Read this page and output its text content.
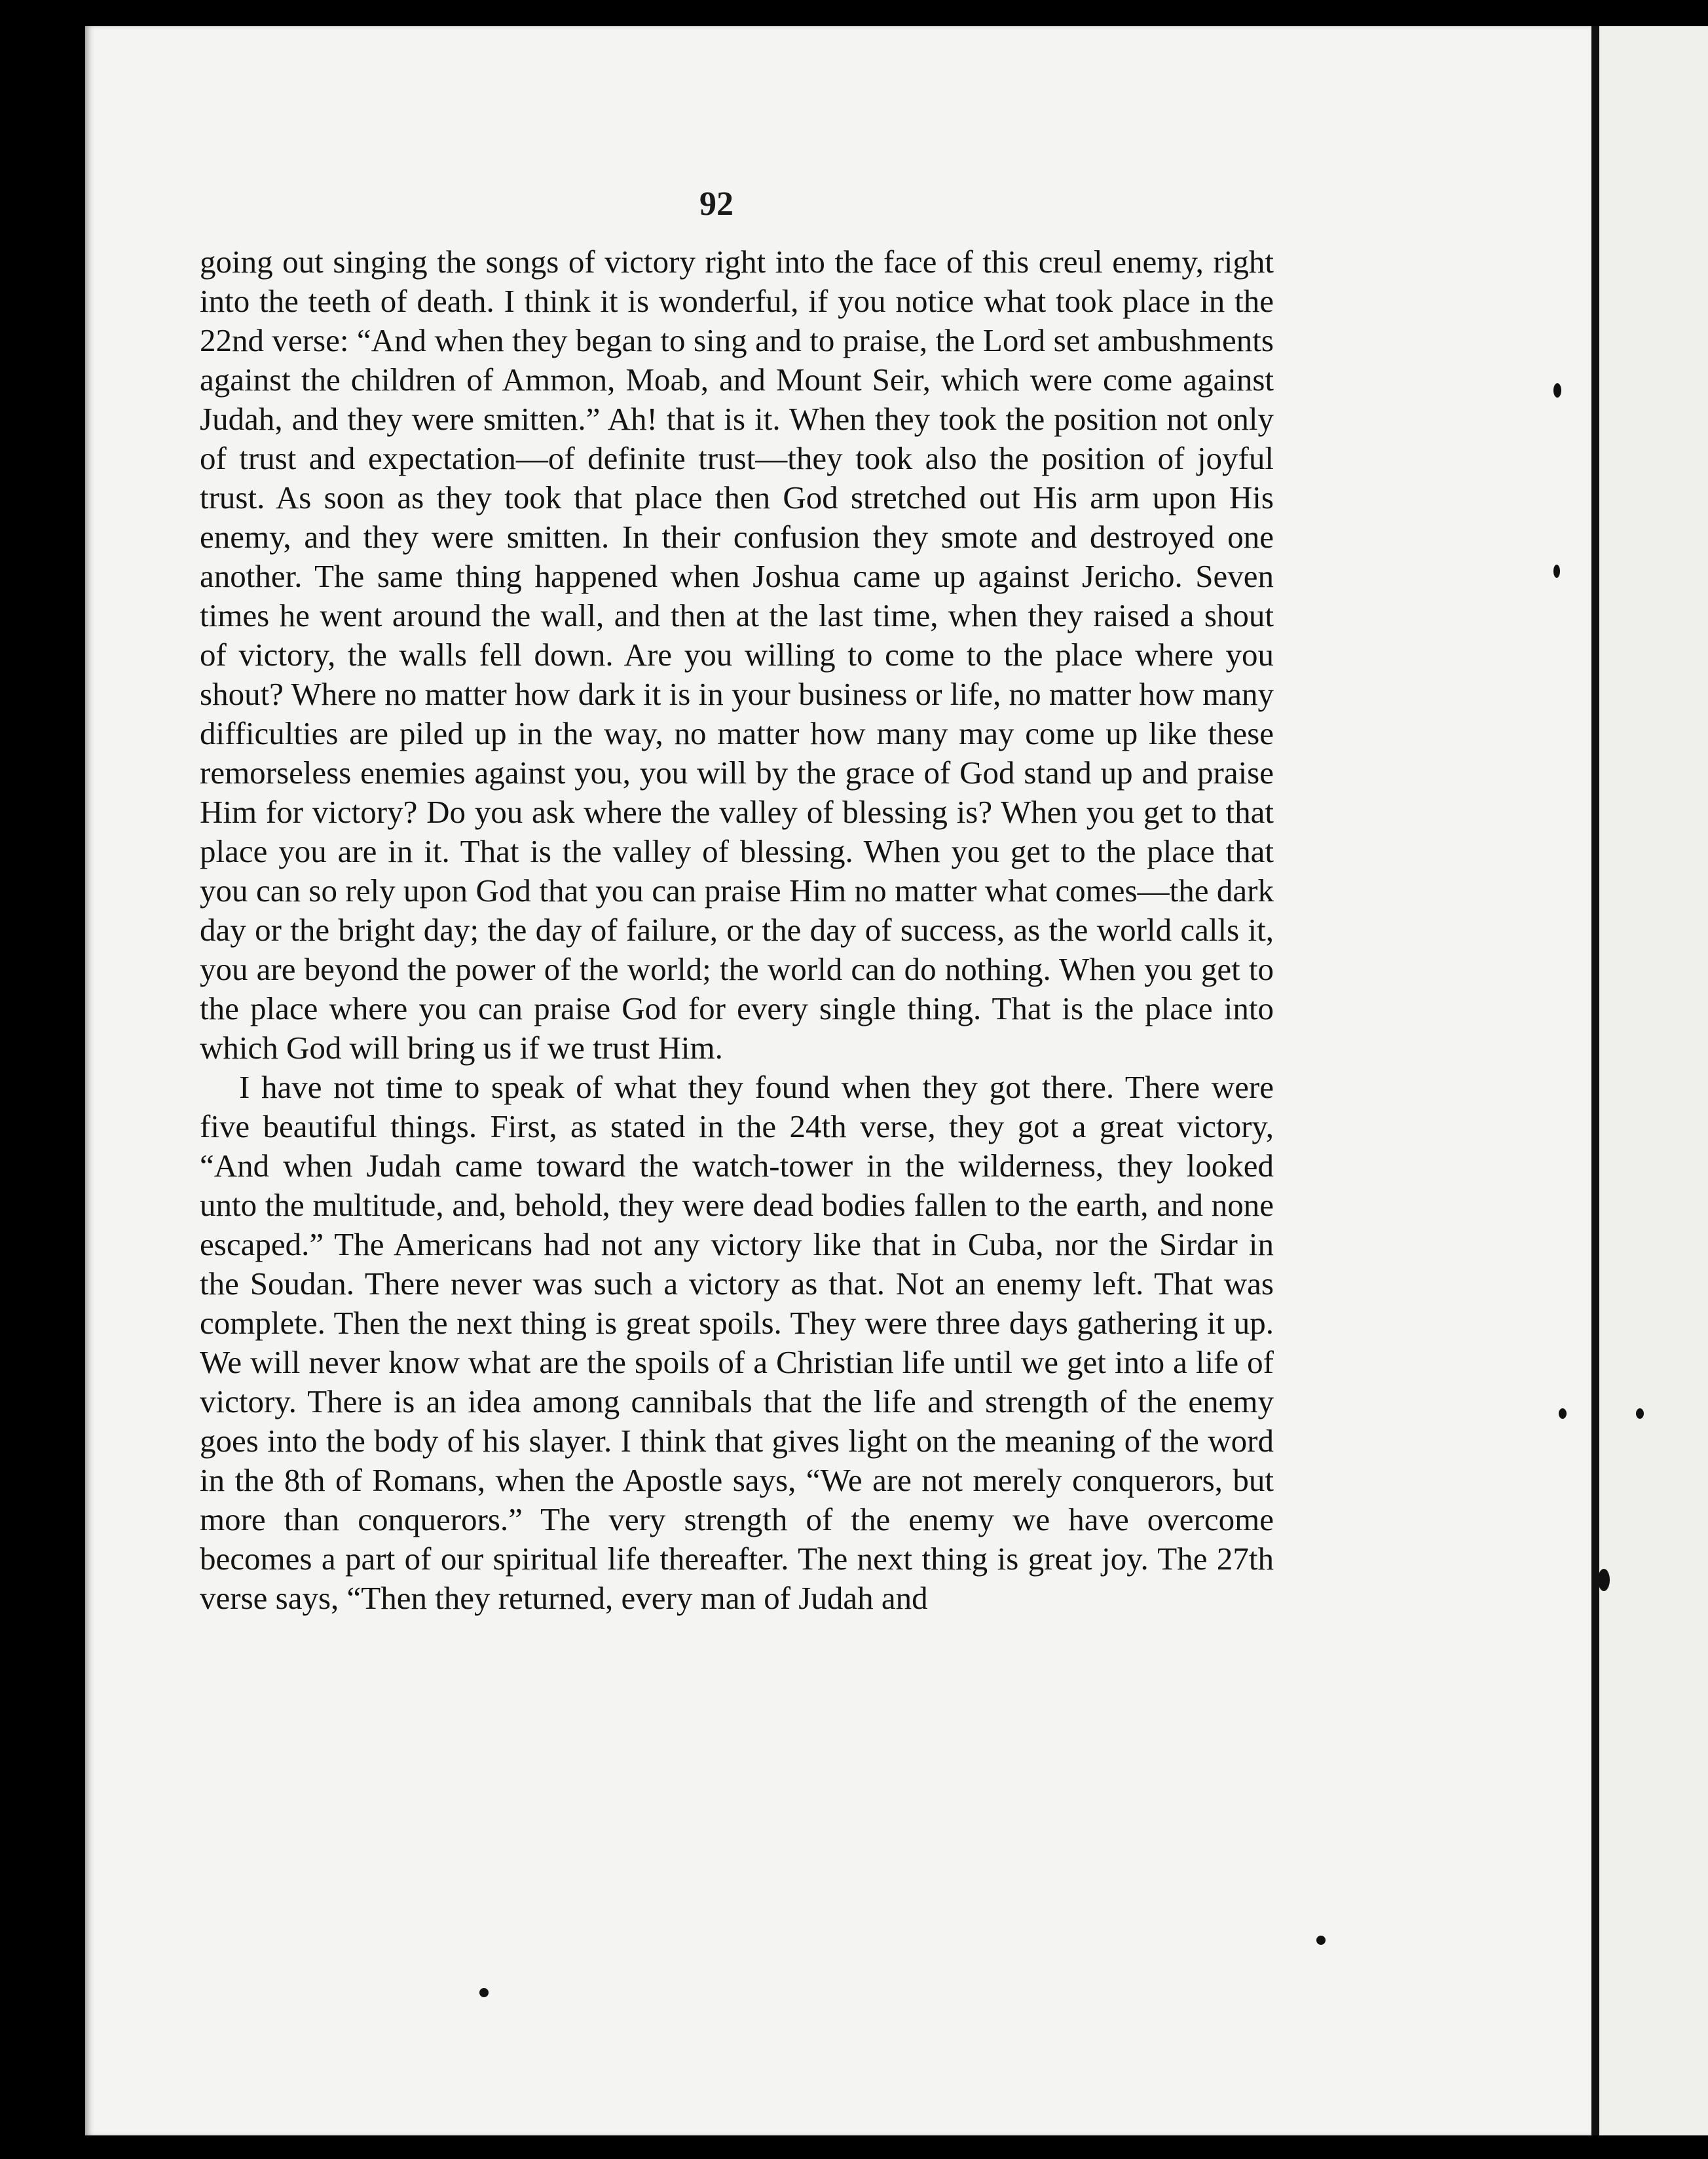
92

going out singing the songs of victory right into the face of this creul enemy, right into the teeth of death. I think it is wonderful, if you notice what took place in the 22nd verse: “And when they began to sing and to praise, the Lord set ambushments against the children of Ammon, Moab, and Mount Seir, which were come against Judah, and they were smitten.” Ah! that is it. When they took the position not only of trust and expectation—of definite trust—they took also the position of joyful trust. As soon as they took that place then God stretched out His arm upon His enemy, and they were smitten. In their confusion they smote and destroyed one another. The same thing happened when Joshua came up against Jericho. Seven times he went around the wall, and then at the last time, when they raised a shout of victory, the walls fell down. Are you willing to come to the place where you shout? Where no matter how dark it is in your business or life, no matter how many difficulties are piled up in the way, no matter how many may come up like these remorseless enemies against you, you will by the grace of God stand up and praise Him for victory? Do you ask where the valley of blessing is? When you get to that place you are in it. That is the valley of blessing. When you get to the place that you can so rely upon God that you can praise Him no matter what comes—the dark day or the bright day; the day of failure, or the day of success, as the world calls it, you are beyond the power of the world; the world can do nothing. When you get to the place where you can praise God for every single thing. That is the place into which God will bring us if we trust Him.

I have not time to speak of what they found when they got there. There were five beautiful things. First, as stated in the 24th verse, they got a great victory, “And when Judah came toward the watch-tower in the wilderness, they looked unto the multitude, and, behold, they were dead bodies fallen to the earth, and none escaped.” The Americans had not any victory like that in Cuba, nor the Sirdar in the Soudan. There never was such a victory as that. Not an enemy left. That was complete. Then the next thing is great spoils. They were three days gathering it up. We will never know what are the spoils of a Christian life until we get into a life of victory. There is an idea among cannibals that the life and strength of the enemy goes into the body of his slayer. I think that gives light on the meaning of the word in the 8th of Romans, when the Apostle says, “We are not merely conquerors, but more than conquerors.” The very strength of the enemy we have overcome becomes a part of our spiritual life thereafter. The next thing is great joy. The 27th verse says, “Then they returned, every man of Judah and
